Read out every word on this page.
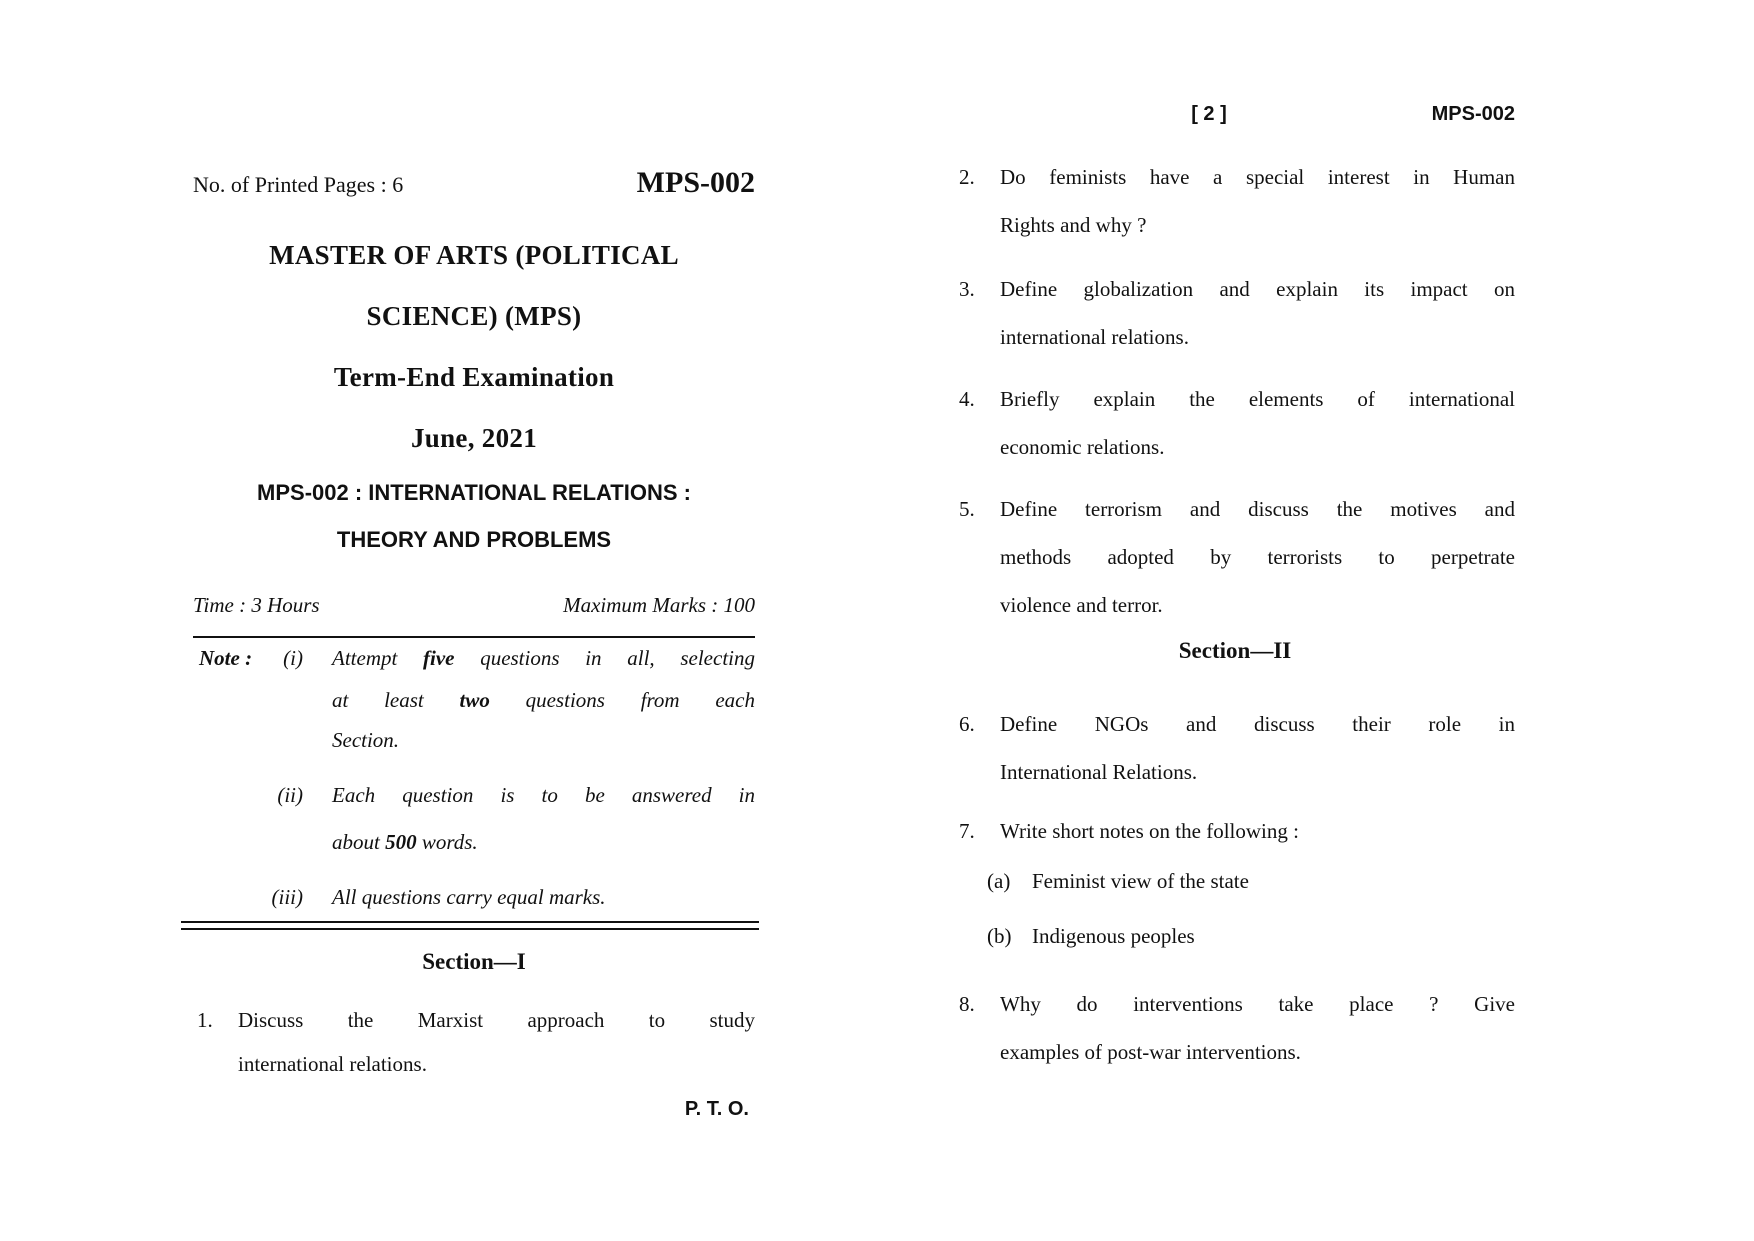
No. of Printed Pages : 6	MPS-002
MASTER OF ARTS (POLITICAL
SCIENCE) (MPS)
Term-End Examination
June, 2021
MPS-002 : INTERNATIONAL RELATIONS :
THEORY AND PROBLEMS
Time : 3 Hours	Maximum Marks : 100
Note :	(i) Attempt five questions in all, selecting
at least two questions from each
Section.
(ii) Each question is to be answered in
about 500 words.
(iii) All questions carry equal marks.
Section—I
1.	Discuss the Marxist approach to study
international relations.
P. T. O.
[ 2 ]	MPS-002
2.	Do feminists have a special interest in Human
Rights and why ?
3.	Define globalization and explain its impact on
international relations.
4.	Briefly explain the elements of international
economic relations.
5.	Define terrorism and discuss the motives and
methods adopted by terrorists to perpetrate
violence and terror.
Section—II
6.	Define NGOs and discuss their role in
International Relations.
7.	Write short notes on the following :
(a) Feminist view of the state
(b) Indigenous peoples
8.	Why do interventions take place ? Give
examples of post-war interventions.
